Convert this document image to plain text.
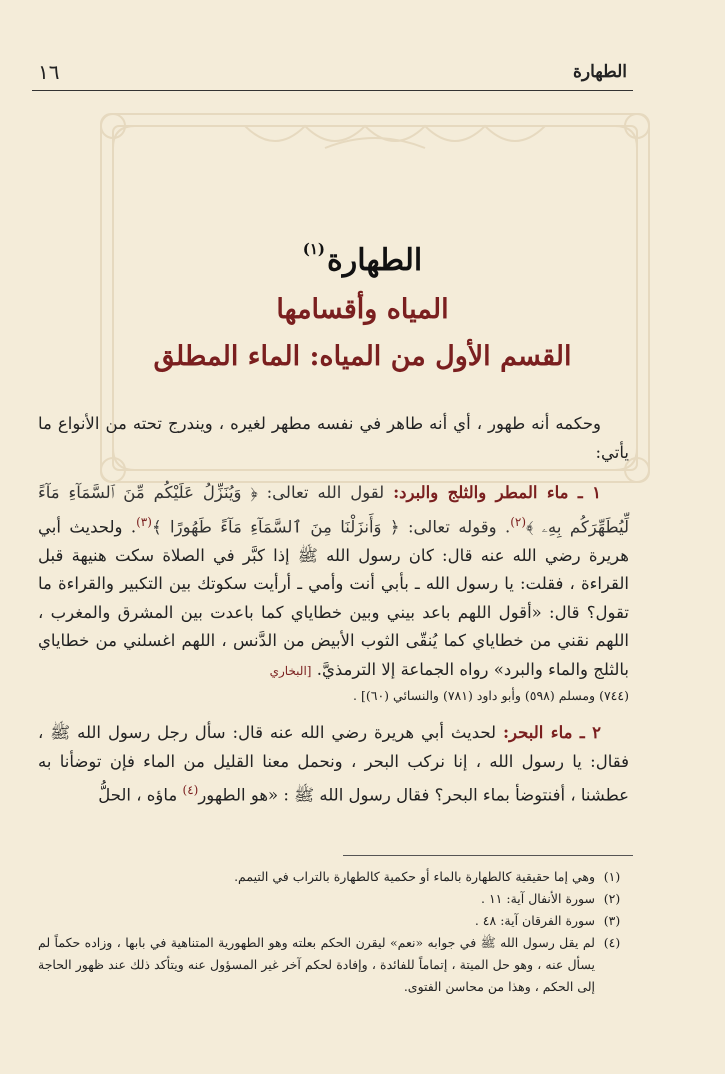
١٦	الطهارة
الطهارة$^{(١)}$
المياه وأقسامها
القسم الأول من المياه: الماء المطلق

وحكمه أنه طهور ، أي أنه طاهر في نفسه مطهر لغيره ، ويندرج تحته من الأنواع ما يأتي:

١ ـ ماء المطر والثلج والبرد: لقول الله تعالى: ﴿ وَيُنَزِّلُ عَلَيْكُم مِّنَ ٱلسَّمَآءِ مَآءً لِّيُطَهِّرَكُم بِهِۦ ﴾$^{(٢)}$. وقوله تعالى: ﴿ وَأَنزَلْنَا مِنَ ٱلسَّمَآءِ مَآءً طَهُورًا ﴾$^{(٣)}$. ولحديث أبي هريرة رضي الله عنه قال: كان رسول الله ﷺ إذا كبَّر في الصلاة سكت هنيهة قبل القراءة ، فقلت: يا رسول الله ـ بأبي أنت وأمي ـ أرأيت سكوتك بين التكبير والقراءة ما تقول؟ قال: «أقول اللهم باعد بيني وبين خطاياي كما باعدت بين المشرق والمغرب ، اللهم نقني من خطاياي كما يُنقّى الثوب الأبيض من الدَّنس ، اللهم اغسلني من خطاياي بالثلج والماء والبرد» رواه الجماعة إلا الترمذيَّ. [البخاري

(٧٤٤) ومسلم (٥٩٨) وأبو داود (٧٨١) والنسائي (٦٠)] .

٢ ـ ماء البحر: لحديث أبي هريرة رضي الله عنه قال: سأل رجل رسول الله ﷺ ، فقال: يا رسول الله ، إنا نركب البحر ، ونحمل معنا القليل من الماء فإن توضأنا به عطشنا ، أفنتوضأ بماء البحر؟ فقال رسول الله ﷺ : «هو الطهور$^{(٤)}$ ماؤه ، الحلُّ

(١)
وهي إما حقيقية كالطهارة بالماء أو حكمية كالطهارة بالتراب في التيمم.
(٢)
سورة الأنفال آية: ١١ .
(٣)
سورة الفرقان آية: ٤٨ .
(٤)
لم يقل رسول الله ﷺ في جوابه «نعم» ليقرن الحكم بعلته وهو الطهورية المتناهية في بابها ، وزاده حكماً لم يسأل عنه ، وهو حل الميتة ، إتماماً للفائدة ، وإفادة لحكم آخر غير المسؤول عنه ويتأكد ذلك عند ظهور الحاجة إلى الحكم ، وهذا من محاسن الفتوى.
